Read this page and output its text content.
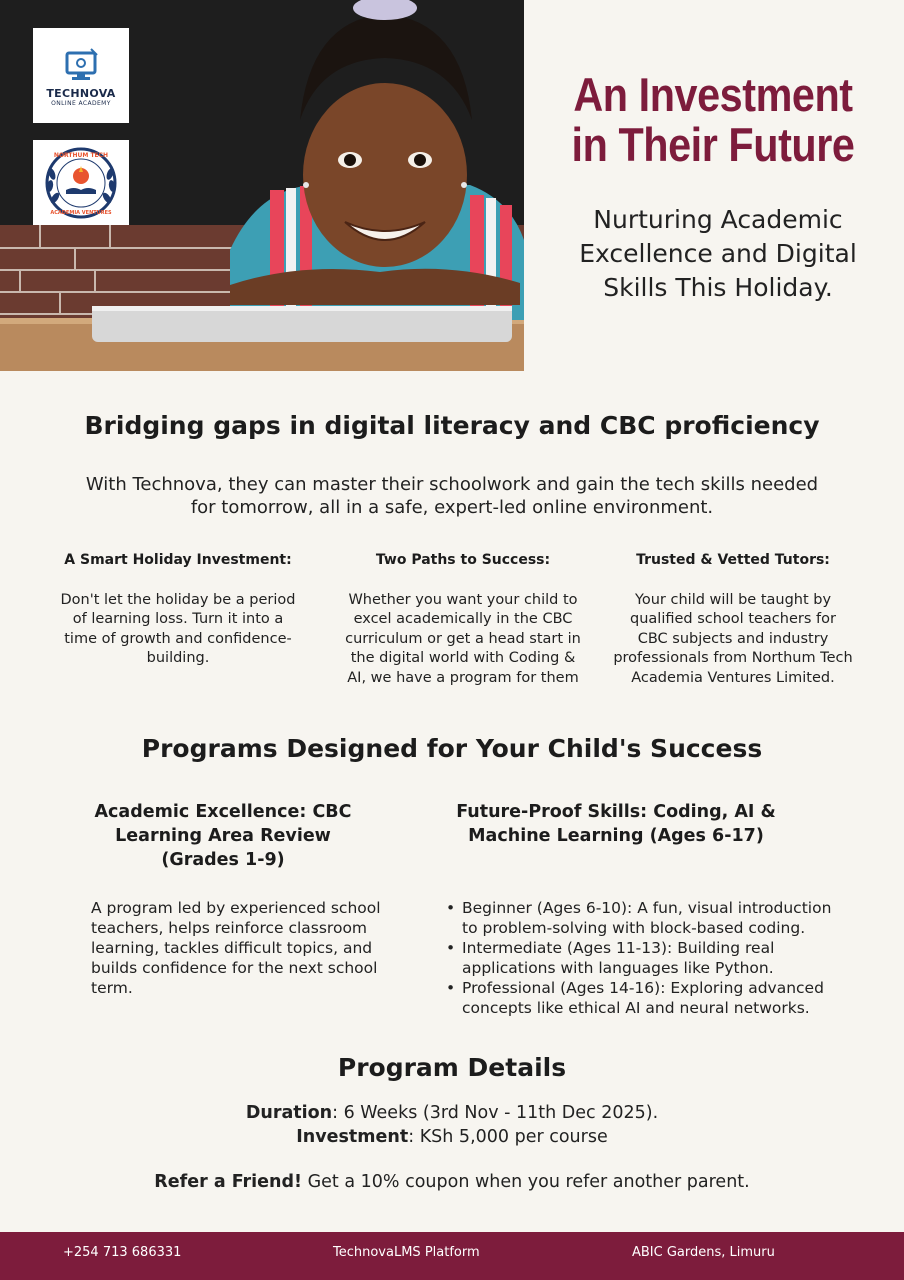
TECHNOVA
ONLINE ACADEMY
NORTHUM TECH
ACADEMIA VENTURES
An Investment in Their Future
Nurturing Academic Excellence and Digital Skills This Holiday.
Bridging gaps in digital literacy and CBC proficiency
With Technova, they can master their schoolwork and gain the tech skills needed for tomorrow, all in a safe, expert-led online environment.
A Smart Holiday Investment:
Don't let the holiday be a period of learning loss. Turn it into a time of growth and confidence-building.
Two Paths to Success:
Whether you want your child to excel academically in the CBC curriculum or get a head start in the digital world with Coding & AI, we have a program for them
Trusted & Vetted Tutors:
Your child will be taught by qualified school teachers for CBC subjects and industry professionals from Northum Tech Academia Ventures Limited.
Programs Designed for Your Child's Success
Academic Excellence: CBC Learning Area Review (Grades 1-9)
Future-Proof Skills: Coding, AI & Machine Learning (Ages 6-17)
A program led by experienced school teachers, helps reinforce classroom learning, tackles difficult topics, and builds confidence for the next school term.
• Beginner (Ages 6-10): A fun, visual introduction to problem-solving with block-based coding.
• Intermediate (Ages 11-13): Building real applications with languages like Python.
• Professional (Ages 14-16): Exploring advanced concepts like ethical AI and neural networks.
Program Details
Duration: 6 Weeks (3rd Nov - 11th Dec 2025).
Investment: KSh 5,000 per course
Refer a Friend! Get a 10% coupon when you refer another parent.
+254 713 686331	TechnovaLMS Platform	ABIC Gardens, Limuru
